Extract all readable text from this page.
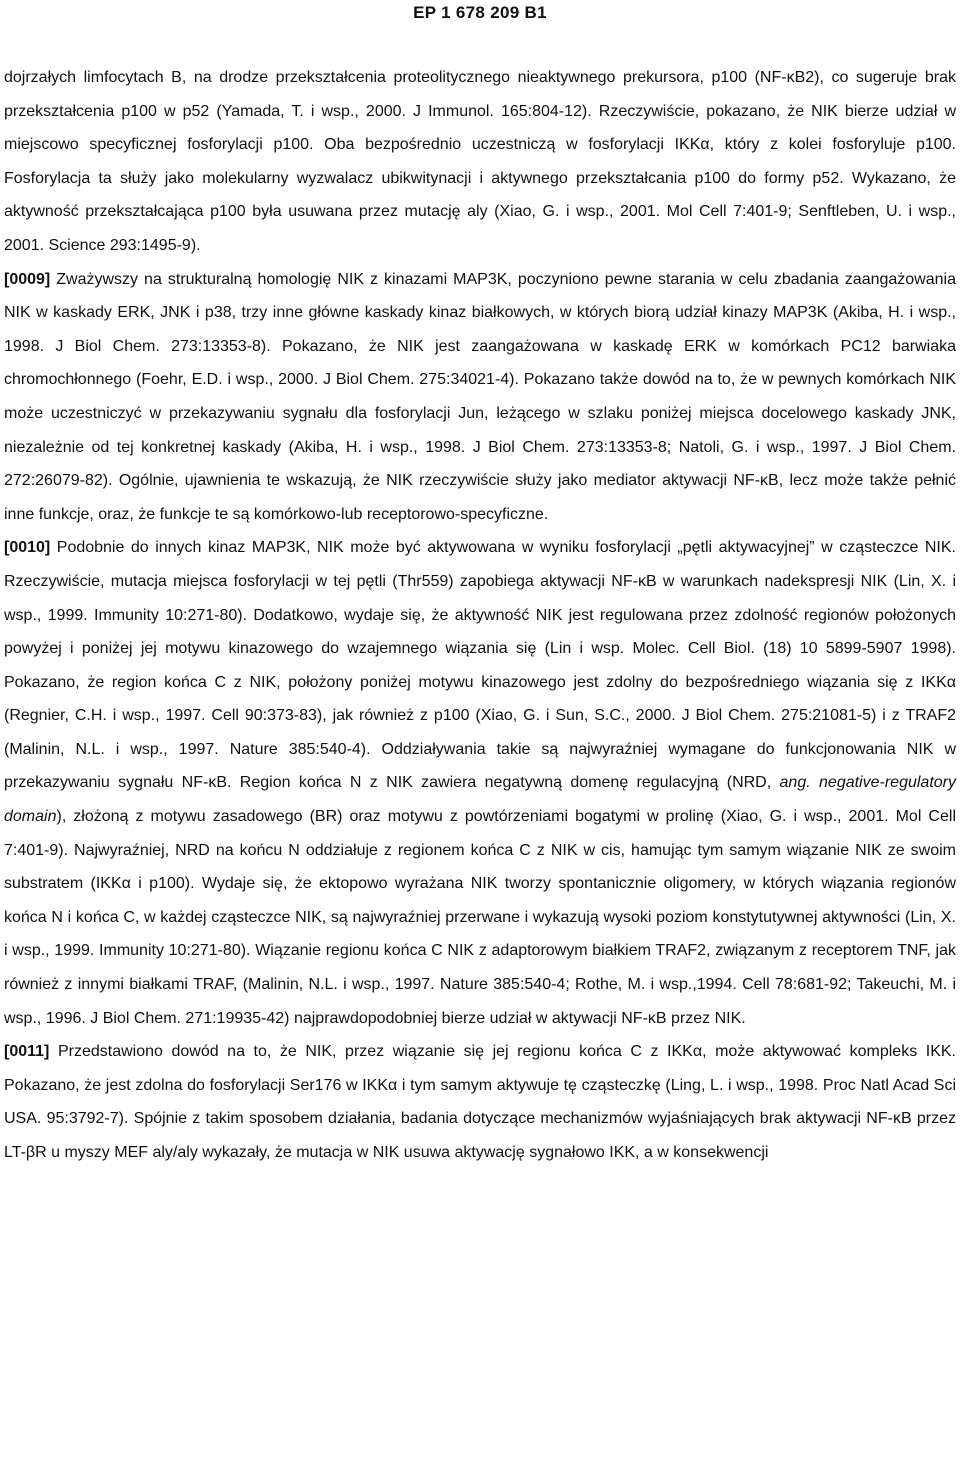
EP 1 678 209 B1

dojrzałych limfocytach B, na drodze przekształcenia proteolitycznego nieaktywnego prekursora, p100 (NF-κB2), co sugeruje brak przekształcenia p100 w p52 (Yamada, T. i wsp., 2000. J Immunol. 165:804-12). Rzeczywiście, pokazano, że NIK bierze udział w miejscowo specyficznej fosforylacji p100. Oba bezpośrednio uczestniczą w fosforylacji IKKα, który z kolei fosforyluje p100. Fosforylacja ta służy jako molekularny wyzwalacz ubikwitynacji i aktywnego przekształcania p100 do formy p52. Wykazano, że aktywność przekształcająca p100 była usuwana przez mutację aly (Xiao, G. i wsp., 2001. Mol Cell 7:401-9; Senftleben, U. i wsp., 2001. Science 293:1495-9).

[0009] Zważywszy na strukturalną homologię NIK z kinazami MAP3K, poczyniono pewne starania w celu zbadania zaangażowania NIK w kaskady ERK, JNK i p38, trzy inne główne kaskady kinaz białkowych, w których biorą udział kinazy MAP3K (Akiba, H. i wsp., 1998. J Biol Chem. 273:13353-8). Pokazano, że NIK jest zaangażowana w kaskadę ERK w komórkach PC12 barwiaka chromochłonnego (Foehr, E.D. i wsp., 2000. J Biol Chem. 275:34021-4). Pokazano także dowód na to, że w pewnych komórkach NIK może uczestniczyć w przekazywaniu sygnału dla fosforylacji Jun, leżącego w szlaku poniżej miejsca docelowego kaskady JNK, niezależnie od tej konkretnej kaskady (Akiba, H. i wsp., 1998. J Biol Chem. 273:13353-8; Natoli, G. i wsp., 1997. J Biol Chem. 272:26079-82). Ogólnie, ujawnienia te wskazują, że NIK rzeczywiście służy jako mediator aktywacji NF-κB, lecz może także pełnić inne funkcje, oraz, że funkcje te są komórkowo-lub receptorowo-specyficzne.

[0010] Podobnie do innych kinaz MAP3K, NIK może być aktywowana w wyniku fosforylacji „pętli aktywacyjnej” w cząsteczce NIK. Rzeczywiście, mutacja miejsca fosforylacji w tej pętli (Thr559) zapobiega aktywacji NF-κB w warunkach nadekspresji NIK (Lin, X. i wsp., 1999. Immunity 10:271-80). Dodatkowo, wydaje się, że aktywność NIK jest regulowana przez zdolność regionów położonych powyżej i poniżej jej motywu kinazowego do wzajemnego wiązania się (Lin i wsp. Molec. Cell Biol. (18) 10 5899-5907 1998). Pokazano, że region końca C z NIK, położony poniżej motywu kinazowego jest zdolny do bezpośredniego wiązania się z IKKα (Regnier, C.H. i wsp., 1997. Cell 90:373-83), jak również z p100 (Xiao, G. i Sun, S.C., 2000. J Biol Chem. 275:21081-5) i z TRAF2 (Malinin, N.L. i wsp., 1997. Nature 385:540-4). Oddziaływania takie są najwyraźniej wymagane do funkcjonowania NIK w przekazywaniu sygnału NF-κB. Region końca N z NIK zawiera negatywną domenę regulacyjną (NRD, ang. negative-regulatory domain), złożoną z motywu zasadowego (BR) oraz motywu z powtórzeniami bogatymi w prolinę (Xiao, G. i wsp., 2001. Mol Cell 7:401-9). Najwyraźniej, NRD na końcu N oddziałuje z regionem końca C z NIK w cis, hamując tym samym wiązanie NIK ze swoim substratem (IKKα i p100). Wydaje się, że ektopowo wyrażana NIK tworzy spontanicznie oligomery, w których wiązania regionów końca N i końca C, w każdej cząsteczce NIK, są najwyraźniej przerwane i wykazują wysoki poziom konstytutywnej aktywności (Lin, X. i wsp., 1999. Immunity 10:271-80). Wiązanie regionu końca C NIK z adaptorowym białkiem TRAF2, związanym z receptorem TNF, jak również z innymi białkami TRAF, (Malinin, N.L. i wsp., 1997. Nature 385:540-4; Rothe, M. i wsp.,1994. Cell 78:681-92; Takeuchi, M. i wsp., 1996. J Biol Chem. 271:19935-42) najprawdopodobniej bierze udział w aktywacji NF-κB przez NIK.

[0011] Przedstawiono dowód na to, że NIK, przez wiązanie się jej regionu końca C z IKKα, może aktywować kompleks IKK. Pokazano, że jest zdolna do fosforylacji Ser176 w IKKα i tym samym aktywuje tę cząsteczkę (Ling, L. i wsp., 1998. Proc Natl Acad Sci USA. 95:3792-7). Spójnie z takim sposobem działania, badania dotyczące mechanizmów wyjaśniających brak aktywacji NF-κB przez LT-βR u myszy MEF aly/aly wykazały, że mutacja w NIK usuwa aktywację sygnałowo IKK, a w konsekwencji
